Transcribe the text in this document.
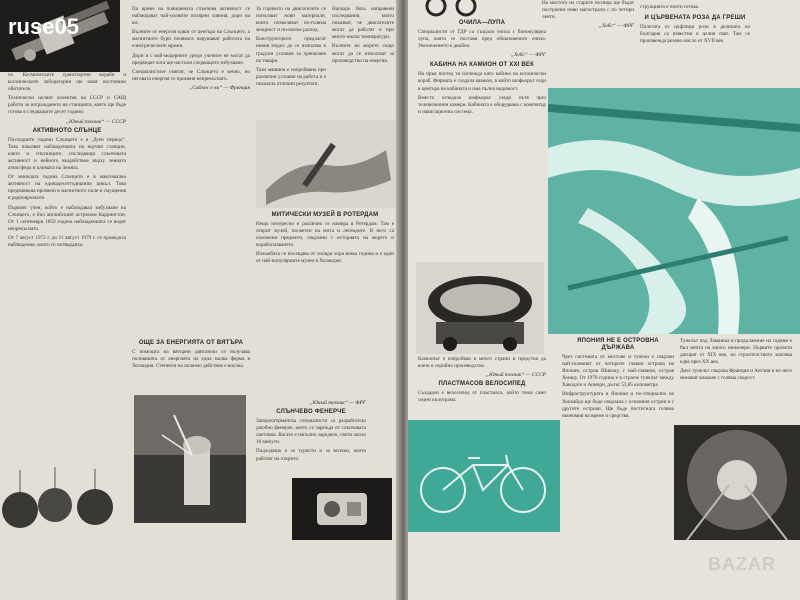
се. Космическите транспортни кораби и космическите лаборатории ще имат постоянни обитатели.

Технически целият колектив на СССР и САЩ работи за изграждането на станцията, която ще бъде готова в следващите десет години.

„Юный техник“ — СССР
АКТИВНОТО СЛЪНЦЕ

Последните години Слънцето е в „буен период“. Това показват наблюденията на научни станции, както и спътниците, изследващи слънчевата активност и нейното въздействие върху земната атмосфера и климата на Земята.

От миналата година Слънцето е в максимална активност на единадесетгодишния цикъл. Това предизвиква промени в магнитното поле и смущения в радиовръзките.

Първият учен, който е наблюдавал избухване на Слънцето, е бил английският астроном Каррингтон. От 1 септември 1859 година наблюденията се водят непрекъснато.

От 7 август 1972 г. до 11 август 1979 г. се проведоха наблюдения, които го потвърдиха.

По време на повишената слънчева активност се наблюдават най-силните полярни сияния, дори на юг.

Вълните от енергия идват от центъра на Слънцето, а магнитните бури понякога нарушават работата на електрическите мрежи.

Дори и с най-модерните уреди учените не могат да предвидят кога ще настъпи следващото избухване.

Специалистите смятат, че Слънцето е вечно, но неговата енергия се променя непрекъснато.

„Сайънс е ви“ — Франция
ОЩЕ ЗА ЕНЕРГИЯТА ОТ ВЯТЪРА

С помощта на вятърни двигатели се получава половината от енергията на една малка ферма в Холандия. Степента на полезно действие е висока.

За горивото на двигателите се използват нови материали, които позволяват по-голяма мощност и по-малък разход.

Конструкторите предлагат новия модел да се използва в градски условия за пренасяне на товари.

Тази машина е изпробвана при различни условия на работа и е показала отлични резултати.

„Юный техник“ — ФРГ
СЛЪНЧЕВО ФЕНЕРЧЕ

Западногерманска специалисти са разработили джобно фенерче, което се зарежда от слънчевата светлина. Когато е напълно заредено, свети около 10 минути.

Подходящо е за туристи и за всички, които работят на открито.

Наскоро бяха направени изследвания, които показват, че двигателите могат да работят и при много ниски температури.

Вълните на морето също могат да се използват за производство на енергия.

МИТИЧЕСКИ МУЗЕЙ В РОТЕРДАМ

Нещо интересно и различно се намира в Ротердам. Там е открит музей, посветен на мита и легендите. В него са изложени предмети, свързани с историята на морето и корабоплаването.

Изложбата се посещава от хиляди хора всяка година и е един от най-популярните музеи в Холандия.

ОЧИЛА—ЛУПА

Специалисти от ГДР са създали очила с бинокулярна лупа, която се поставя пред обикновените очила. Увеличението е двойно.

„Хобс“ — ФРГ
КАБИНА НА КАМИОН ОТ XXI ВЕК

На пръв поглед тя изглежда като кабина на космически кораб. Фирмата е създала камион, в който шофьорът седи в центъра на кабината и има пълна видимост.

Вместо огледала шофьорът следи пътя чрез телевизионни камери. Кабината е оборудвана с компютър и навигационна система.

Камионът е изпробван в много страни и предстои да влезе в серийно производство.

„Юный техник“ — СССР
ПЛАСТМАСОВ ВЕЛОСИПЕД

Създаден е велосипед от пластмаса, който тежи само седем килограма.

На мястото на старите пътища ще бъдат построени нови магистрали с по четири ленти.

„Хобс“ — ФРГ

струкцията е почти готова.

И ЦЪРВЕНАТА РОЗА ДА ГРЕШИ

Полетата от цъфтящи рози в долината на България са известни в целия свят. Там се произвежда розово масло от XVII век.

ЯПОНИЯ НЕ Е ОСТРОВНА ДЪРЖАВА

Чрез системата от мостове и тунели е свързан най-големият от четирите главни острова на Япония, остров Шикоку, с най-главния, остров Хоншу. От 1978 година е в строеж тунелът между Хакодате и Аомори, дълъг 53,85 километра.

Инфраструктурата в Япония и по-специално на Хоккайдо ще бъде свързана с основния остров и с другите острови. Ще бъде постигната голяма икономия на време и средства.

Тунелът под Ламанша в продължение на години е бил мечта на много инженери. Първите проекти датират от XIX век, но строителството започва едва през XX век.

Днес тунелът свързва Франция и Англия и по него минават влакове с голяма скорост.

BAZAR
ruse05
